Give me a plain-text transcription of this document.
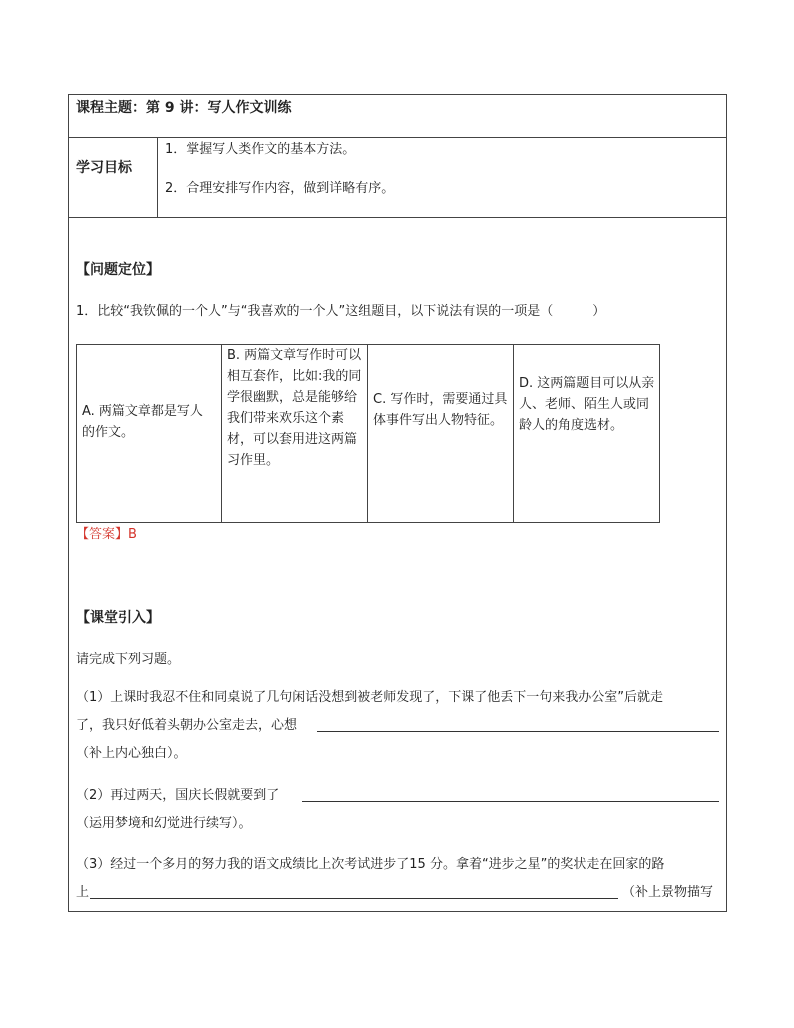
课程主题：第 9 讲：写人作文训练
学习目标
1．掌握写人类作文的基本方法。
2．合理安排写作内容，做到详略有序。
【问题定位】
1．比较“我钦佩的一个人”与“我喜欢的一个人”这组题目，以下说法有误的一项是（　　　）
A. 两篇文章都是写人的作文。
B. 两篇文章写作时可以相互套作，比如:我的同学很幽默，总是能够给我们带来欢乐这个素材，可以套用进这两篇习作里。
C. 写作时，需要通过具体事件写出人物特征。
D. 这两篇题目可以从亲人、老师、陌生人或同龄人的角度选材。
【答案】B
【课堂引入】
请完成下列习题。
（1）上课时我忍不住和同桌说了几句闲话没想到被老师发现了，下课了他丢下一句来我办公室”后就走
了，我只好低着头朝办公室走去，心想
（补上内心独白）。
（2）再过两天，国庆长假就要到了
（运用梦境和幻觉进行续写）。
（3）经过一个多月的努力我的语文成绩比上次考试进步了15 分。拿着“进步之星”的奖状走在回家的路
上	（补上景物描写
